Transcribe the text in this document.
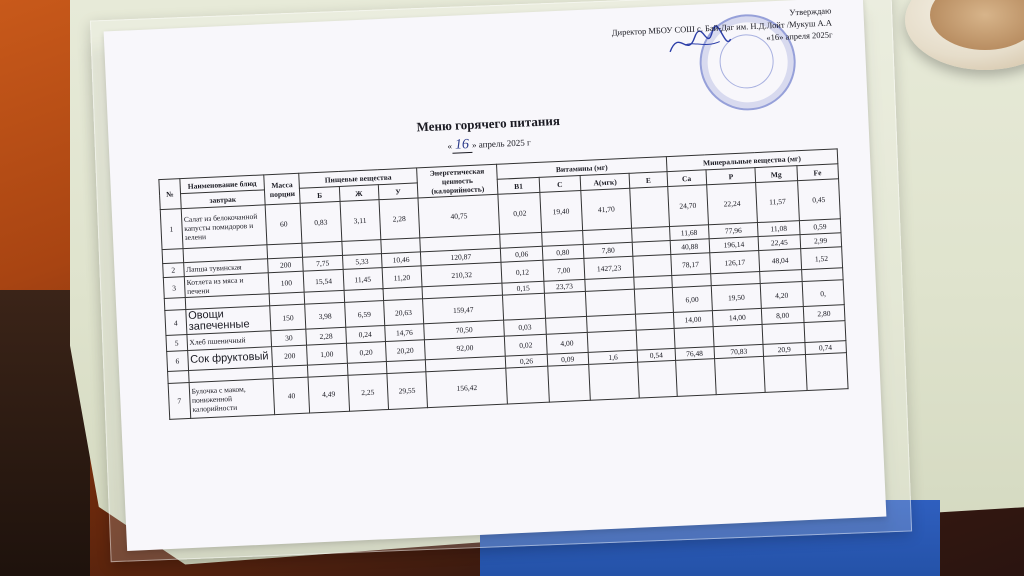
Утверждаю
Директор МБОУ СОШ с. Бай-Даг им. Н.Д.Лойт /Мукуш А.А
«16» апреля 2025г
Меню горячего питания
« 16 » апрель 2025 г
№	Наименование блюд	Масса порции	Пищевые вещества			Энергетическая ценность (калорийность)	Витамины (мг)				Минеральные вещества (мг)			
	завтрак		Б	Ж	У		B1	C	А(мгк)	E	Ca	P	Mg	Fe
1	Салат из белокочанной капусты помидоров и зелени	60	0,83	3,11	2,28	40,75	0,02	19,40	41,70		24,70	22,24	11,57	0,45
											11,68	77,96	11,08	0,59
2	Лапша тувинская	200	7,75	5,33	10,46	120,87	0,06	0,80	7,80		40,88	196,14	22,45	2,99
3	Котлета из мяса и печени	100	15,54	11,45	11,20	210,32	0,12	7,00	1427,23		78,17	126,17	48,04	1,52
							0,15	23,73						
4	Овощи запеченные	150	3,98	6,59	20,63	159,47					6,00	19,50	4,20	0,
5	Хлеб пшеничный	30	2,28	0,24	14,76	70,50	0,03				14,00	14,00	8,00	2,80
6	Сок фруктовый	200	1,00	0,20	20,20	92,00	0,02	4,00						
							0,26	0,09	1,6	0,54	76,48	70,83	20,9	0,74
7	Булочка с маком, пониженной калорийности	40	4,49	2,25	29,55	156,42								
